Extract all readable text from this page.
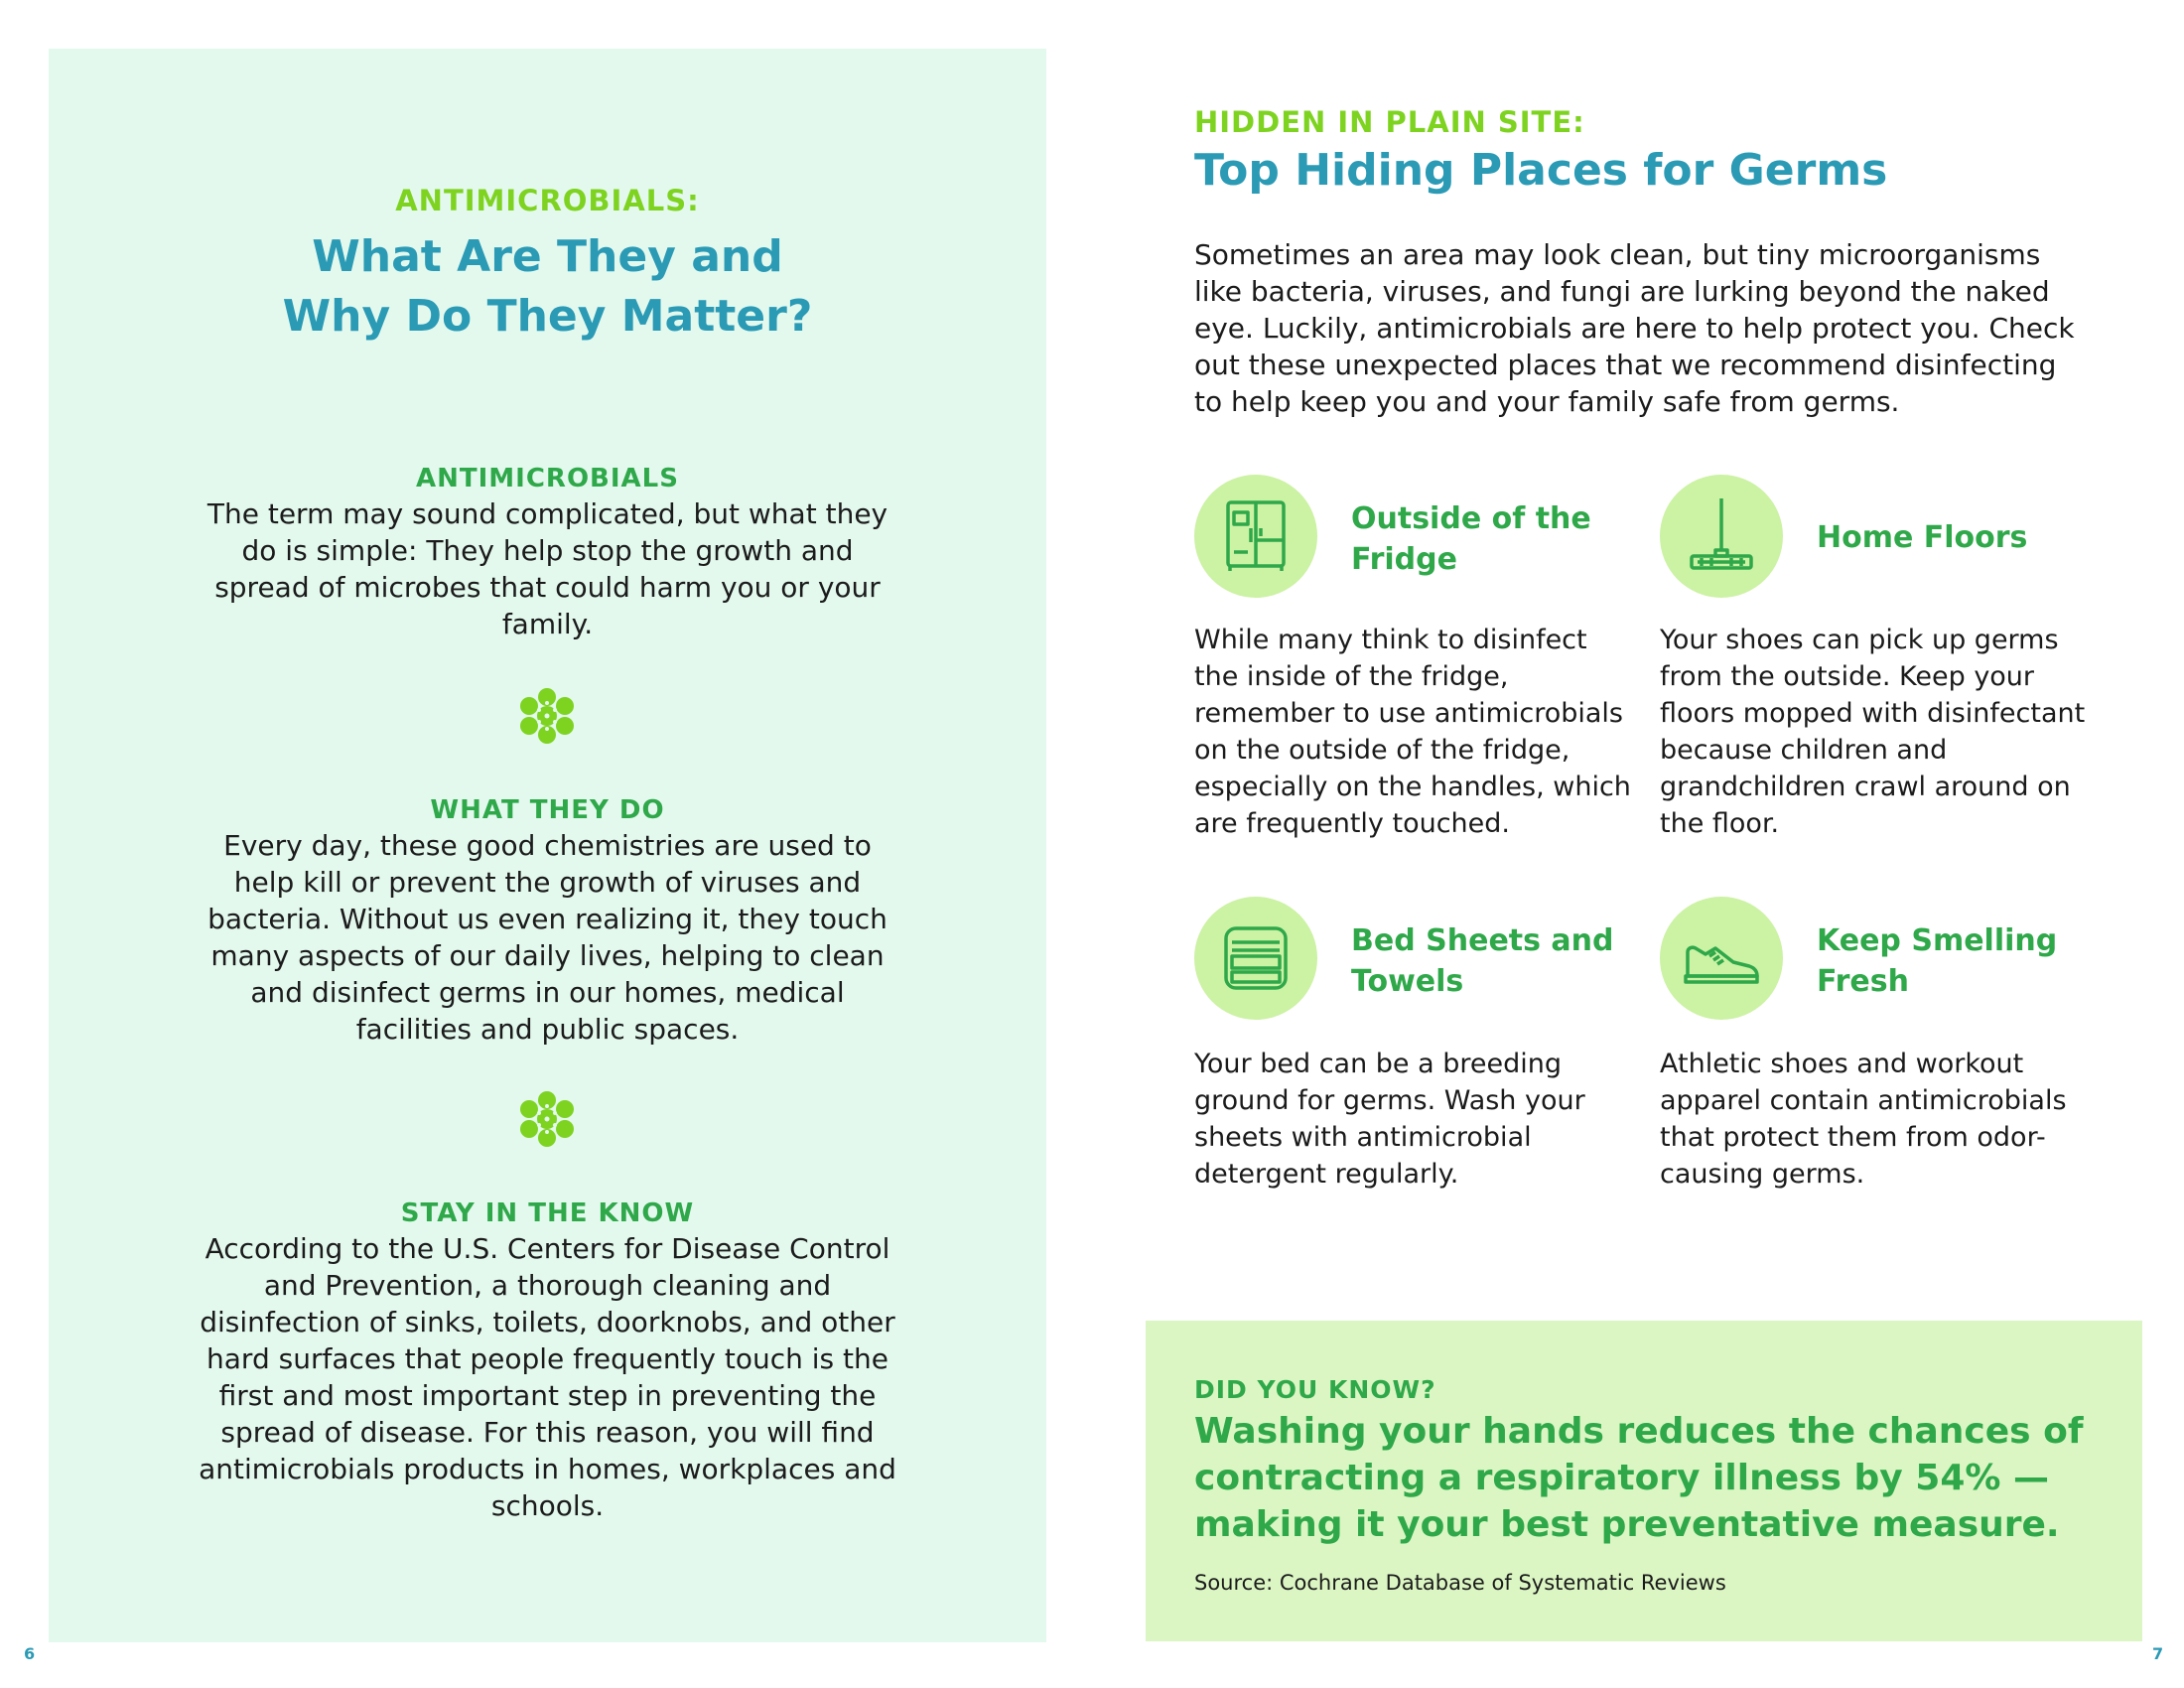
ANTIMICROBIALS:
What Are They and
Why Do They Matter?
ANTIMICROBIALS

The term may sound complicated, but what they do is simple: They help stop the growth and spread of microbes that could harm you or your family.

WHAT THEY DO

Every day, these good chemistries are used to help kill or prevent the growth of viruses and bacteria. Without us even realizing it, they touch many aspects of our daily lives, helping to clean and disinfect germs in our homes, medical facilities and public spaces.

STAY IN THE KNOW

According to the U.S. Centers for Disease Control and Prevention, a thorough cleaning and disinfection of sinks, toilets, doorknobs, and other hard surfaces that people frequently touch is the first and most important step in preventing the spread of disease. For this reason, you will find antimicrobials products in homes, workplaces and schools.

6
HIDDEN IN PLAIN SITE:
Top Hiding Places for Germs

Sometimes an area may look clean, but tiny microorganisms like bacteria, viruses, and fungi are lurking beyond the naked eye. Luckily, antimicrobials are here to help protect you. Check out these unexpected places that we recommend disinfecting to help keep you and your family safe from germs.

Outside of the
Fridge

While many think to disinfect the inside of the fridge, remember to use antimicrobials on the outside of the fridge, especially on the handles, which are frequently touched.

Home Floors

Your shoes can pick up germs from the outside. Keep your floors mopped with disinfectant because children and grandchildren crawl around on the floor.

Bed Sheets and
Towels

Your bed can be a breeding ground for germs. Wash your sheets with antimicrobial detergent regularly.

Keep Smelling
Fresh

Athletic shoes and workout apparel contain antimicrobials that protect them from odor-causing germs.

DID YOU KNOW?

Washing your hands reduces the chances of contracting a respiratory illness by 54% — making it your best preventative measure.

Source: Cochrane Database of Systematic Reviews
7
